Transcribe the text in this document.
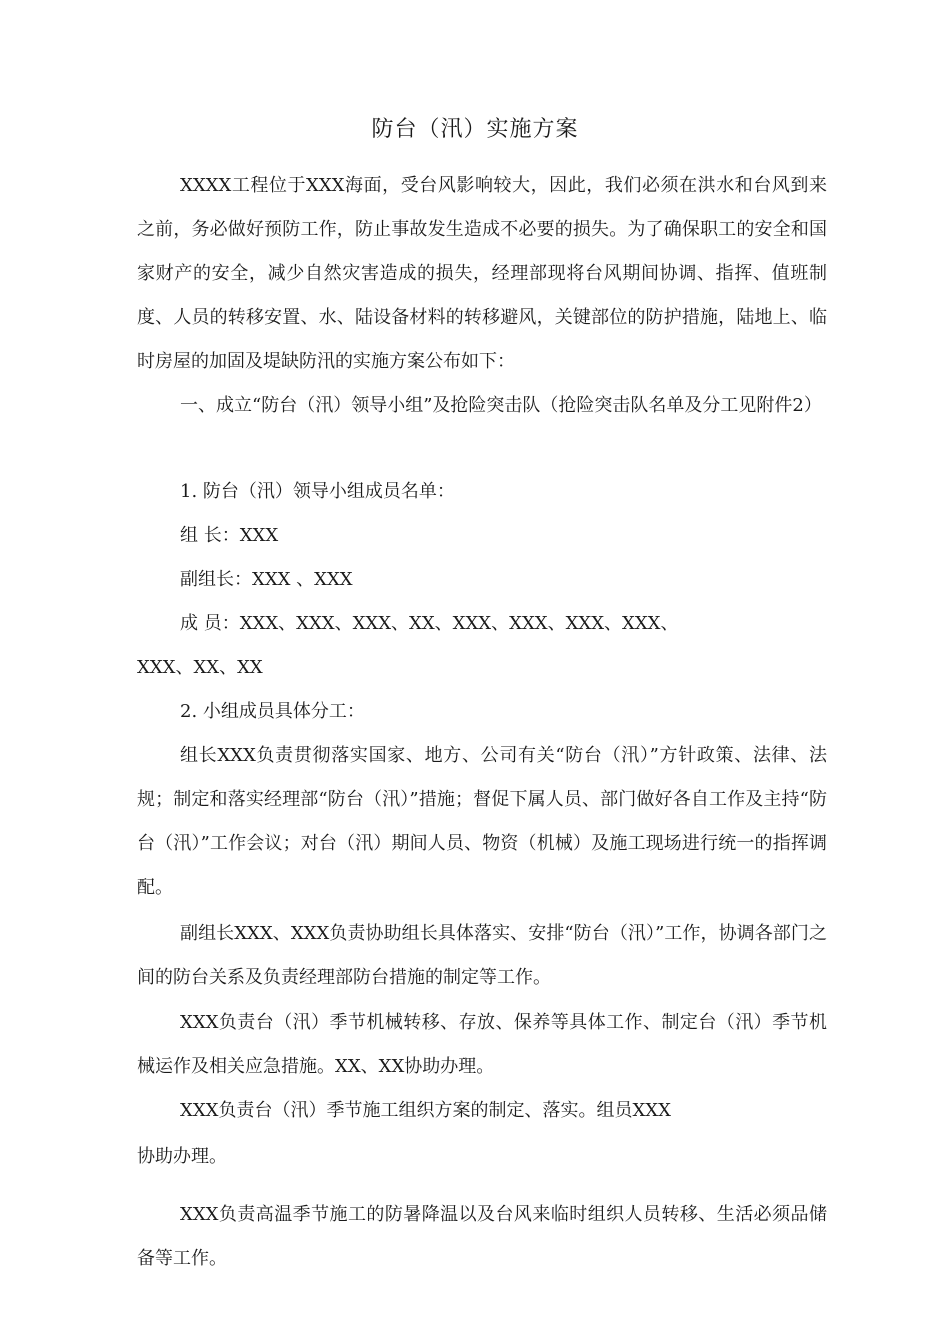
防台（汛）实施方案

XXXX工程位于XXX海面，受台风影响较大，因此，我们必须在洪水和台风到来之前，务必做好预防工作，防止事故发生造成不必要的损失。为了确保职工的安全和国家财产的安全，减少自然灾害造成的损失，经理部现将台风期间协调、指挥、值班制度、人员的转移安置、水、陆设备材料的转移避风，关键部位的防护措施，陆地上、临时房屋的加固及堤缺防汛的实施方案公布如下：

一、成立“防台（汛）领导小组”及抢险突击队（抢险突击队名单及分工见附件2）

1. 防台（汛）领导小组成员名单：

组 长：XXX

副组长：XXX 、XXX

成 员：XXX、XXX、XXX、XX、XXX、XXX、XXX、XXX、

XXX、XX、XX

2. 小组成员具体分工：

组长XXX负责贯彻落实国家、地方、公司有关“防台（汛）”方针政策、法律、法规；制定和落实经理部“防台（汛）”措施；督促下属人员、部门做好各自工作及主持“防台（汛）”工作会议；对台（汛）期间人员、物资（机械）及施工现场进行统一的指挥调配。

副组长XXX、XXX负责协助组长具体落实、安排“防台（汛）”工作，协调各部门之间的防台关系及负责经理部防台措施的制定等工作。

XXX负责台（汛）季节机械转移、存放、保养等具体工作、制定台（汛）季节机械运作及相关应急措施。XX、XX协助办理。

XXX负责台（汛）季节施工组织方案的制定、落实。组员XXX

协助办理。

XXX负责高温季节施工的防暑降温以及台风来临时组织人员转移、生活必须品储备等工作。
